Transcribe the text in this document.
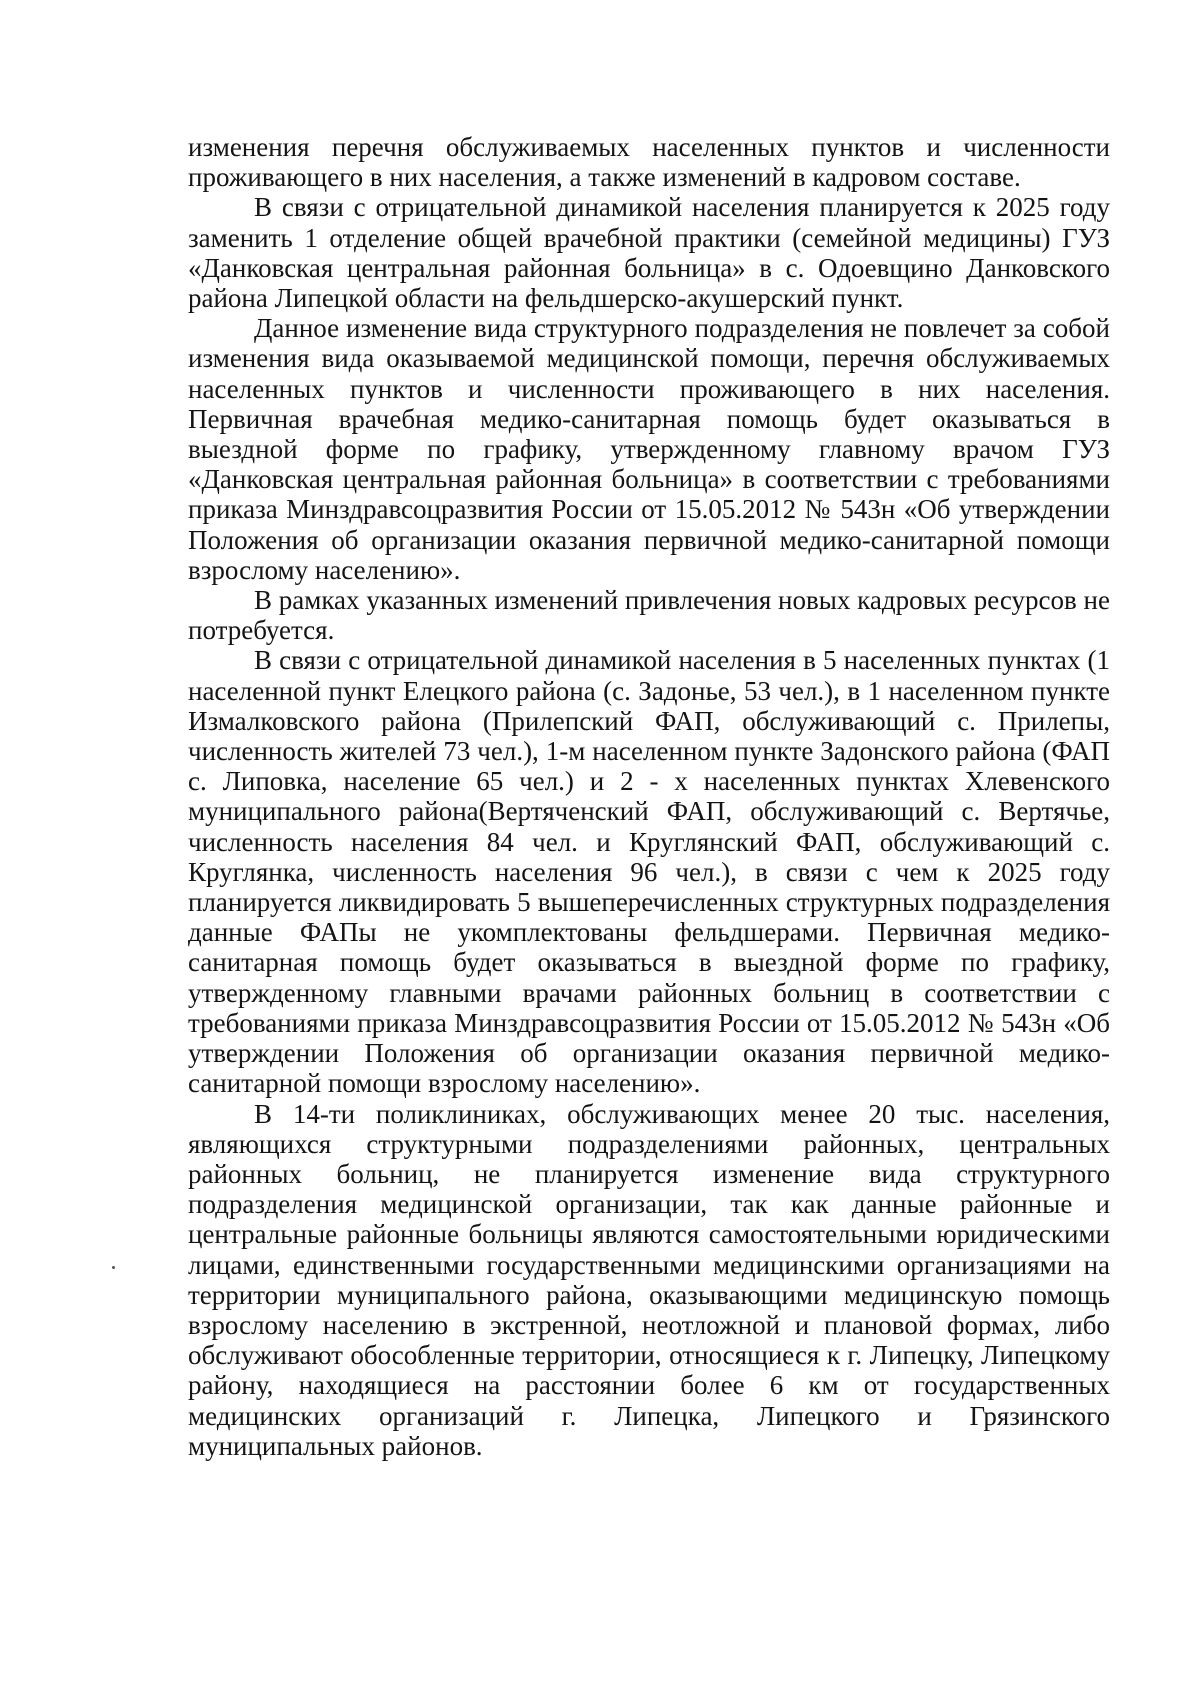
изменения перечня обслуживаемых населенных пунктов и численности проживающего в них населения, а также изменений в кадровом составе.

В связи с отрицательной динамикой населения планируется к 2025 году заменить 1 отделение общей врачебной практики (семейной медицины) ГУЗ «Данковская центральная районная больница» в с. Одоевщино Данковского района Липецкой области на фельдшерско-акушерский пункт.

Данное изменение вида структурного подразделения не повлечет за собой изменения вида оказываемой медицинской помощи, перечня обслуживаемых населенных пунктов и численности проживающего в них населения. Первичная врачебная медико-санитарная помощь будет оказываться в выездной форме по графику, утвержденному главному врачом ГУЗ «Данковская центральная районная больница» в соответствии с требованиями приказа Минздравсоцразвития России от 15.05.2012 № 543н «Об утверждении Положения об организации оказания первичной медико-санитарной помощи взрослому населению».

В рамках указанных изменений привлечения новых кадровых ресурсов не потребуется.

В связи с отрицательной динамикой населения в 5 населенных пунктах (1 населенной пункт Елецкого района (с. Задонье, 53 чел.), в 1 населенном пункте Измалковского района (Прилепский ФАП, обслуживающий с. Прилепы, численность жителей 73 чел.), 1-м населенном пункте Задонского района (ФАП с. Липовка, население 65 чел.) и 2 - х населенных пунктах Хлевенского муниципального района(Вертяченский ФАП, обслуживающий с. Вертячье, численность населения 84 чел. и Круглянский ФАП, обслуживающий с. Круглянка, численность населения 96 чел.), в связи с чем к 2025 году планируется ликвидировать 5 вышеперечисленных структурных подразделения данные ФАПы не укомплектованы фельдшерами. Первичная медико-санитарная помощь будет оказываться в выездной форме по графику, утвержденному главными врачами районных больниц в соответствии с требованиями приказа Минздравсоцразвития России от 15.05.2012 № 543н «Об утверждении Положения об организации оказания первичной медико-санитарной помощи взрослому населению».

В 14-ти поликлиниках, обслуживающих менее 20 тыс. населения, являющихся структурными подразделениями районных, центральных районных больниц, не планируется изменение вида структурного подразделения медицинской организации, так как данные районные и центральные районные больницы являются самостоятельными юридическими лицами, единственными государственными медицинскими организациями на территории муниципального района, оказывающими медицинскую помощь взрослому населению в экстренной, неотложной и плановой формах, либо обслуживают обособленные территории, относящиеся к г. Липецку, Липецкому району, находящиеся на расстоянии более 6 км от государственных медицинских организаций г. Липецка, Липецкого и Грязинского муниципальных районов.
